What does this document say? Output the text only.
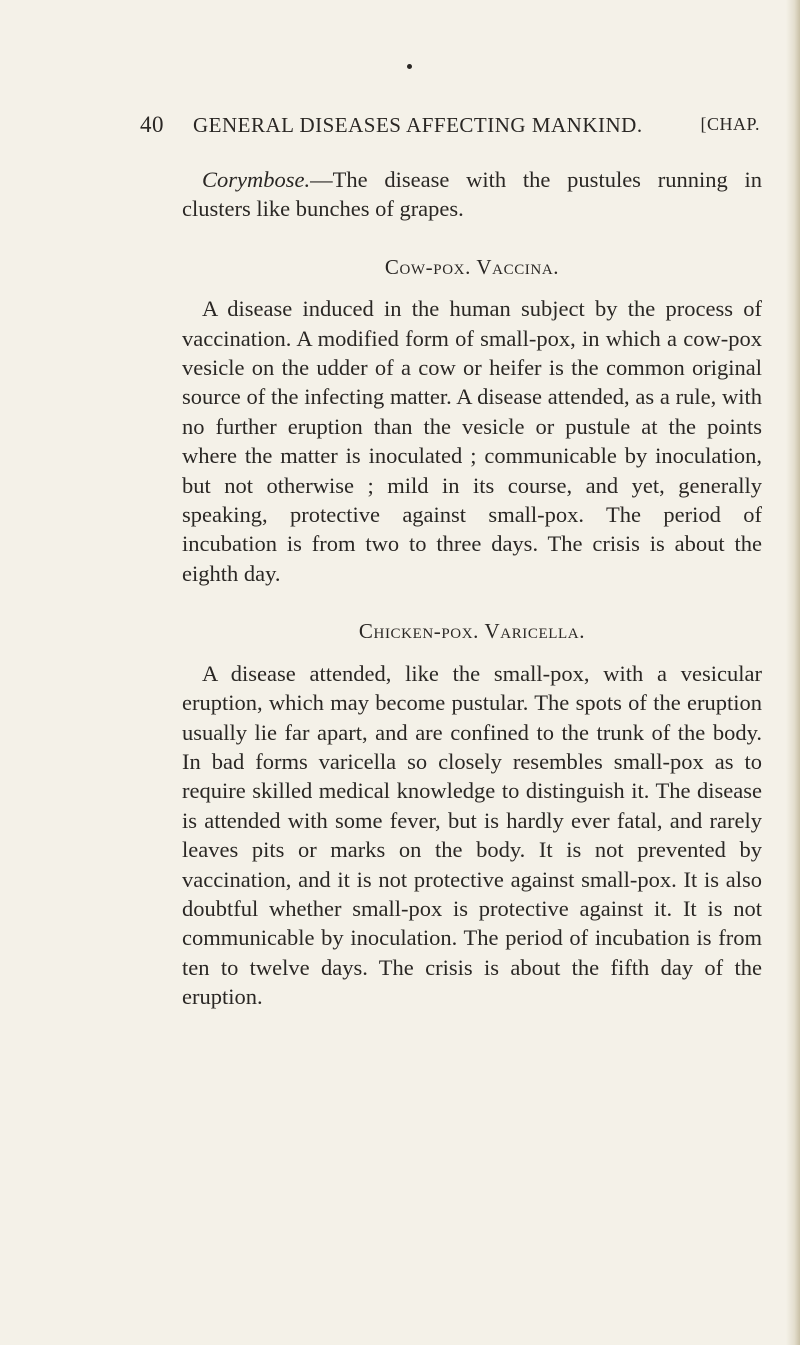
40 GENERAL DISEASES AFFECTING MANKIND.	[CHAP.

Corymbose.—The disease with the pustules running in clusters like bunches of grapes.

Cow-pox. Vaccina.

A disease induced in the human subject by the process of vaccination. A modified form of small-pox, in which a cow-pox vesicle on the udder of a cow or heifer is the common original source of the infecting matter. A disease attended, as a rule, with no further eruption than the vesicle or pustule at the points where the matter is inoculated ; communicable by inoculation, but not otherwise ; mild in its course, and yet, generally speaking, protective against small-pox. The period of incubation is from two to three days. The crisis is about the eighth day.

Chicken-pox. Varicella.

A disease attended, like the small-pox, with a vesicular eruption, which may become pustular. The spots of the eruption usually lie far apart, and are confined to the trunk of the body. In bad forms varicella so closely resembles small-pox as to require skilled medical knowledge to distinguish it. The disease is attended with some fever, but is hardly ever fatal, and rarely leaves pits or marks on the body. It is not prevented by vaccination, and it is not protective against small-pox. It is also doubtful whether small-pox is protective against it. It is not communicable by inoculation. The period of incubation is from ten to twelve days. The crisis is about the fifth day of the eruption.
